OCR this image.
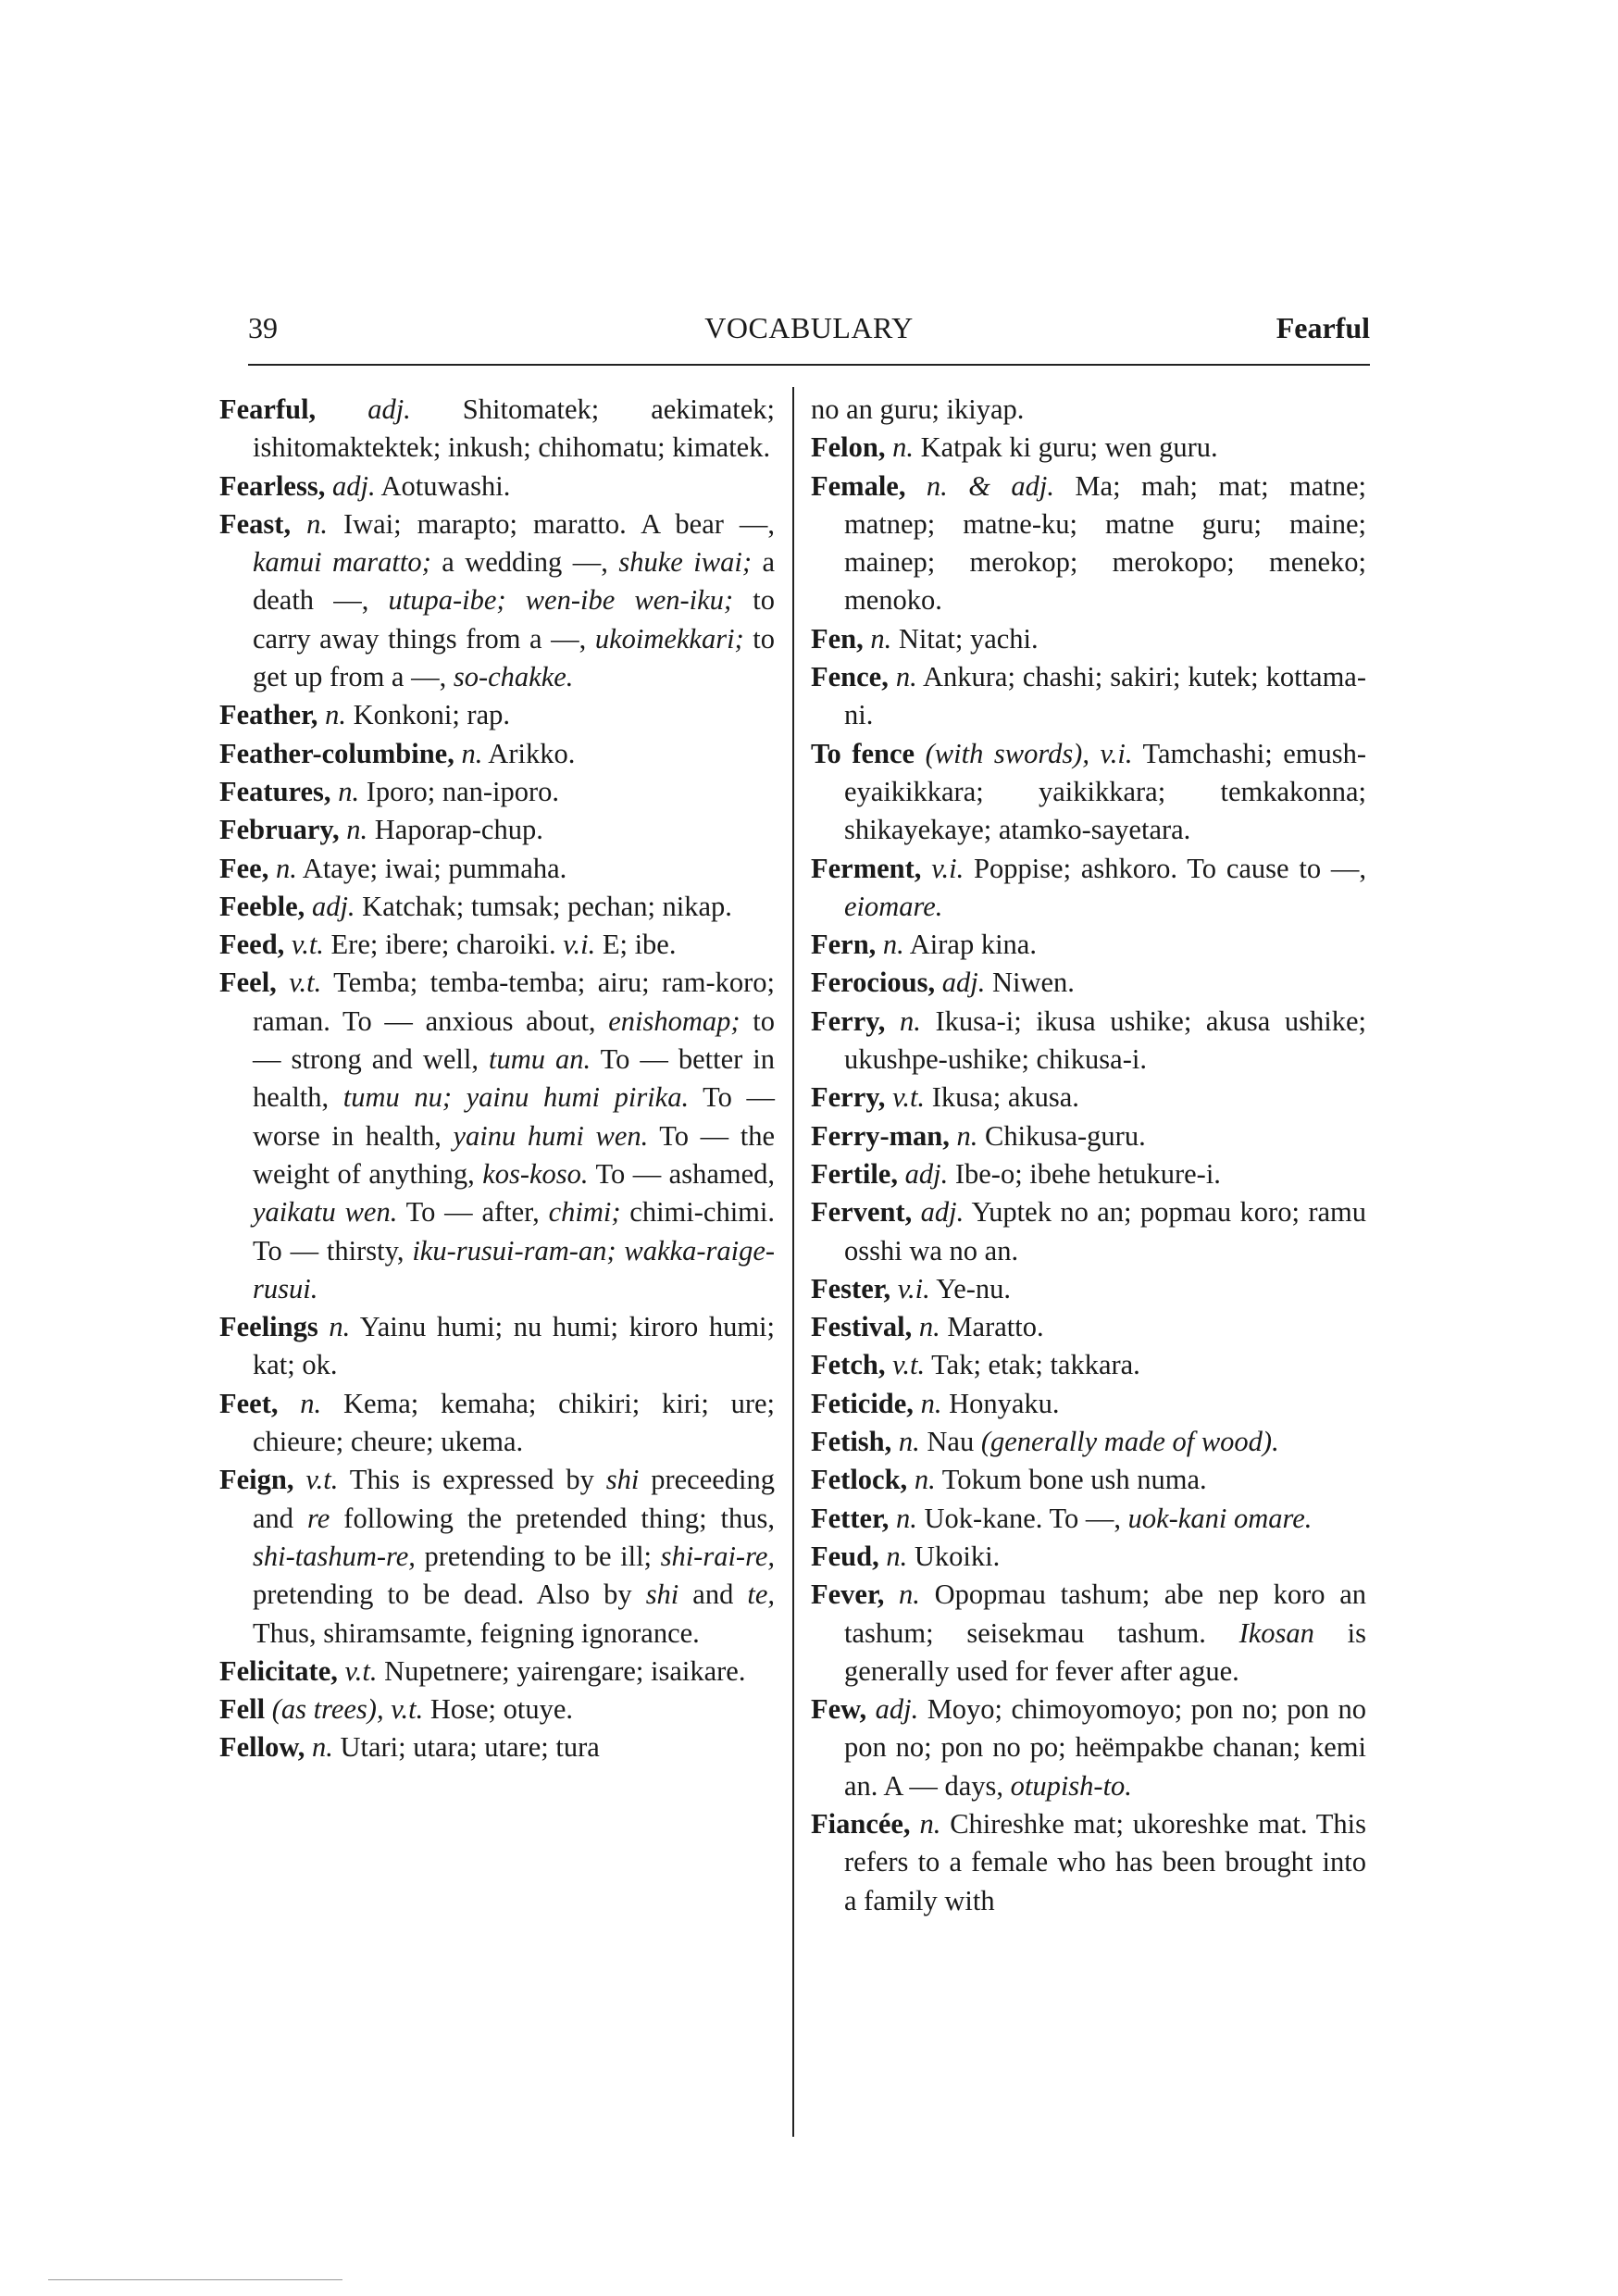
39	VOCABULARY	Fearful

Fearful, adj. Shitomatek; aekimatek; ishitomaktektek; inkush; chihomatu; kimatek.

Fearless, adj. Aotuwashi.

Feast, n. Iwai; marapto; maratto. A bear —, kamui maratto; a wedding —, shuke iwai; a death —, utupa-ibe; wen-ibe wen-iku; to carry away things from a —, ukoimekkari; to get up from a —, so-chakke.

Feather, n. Konkoni; rap.

Feather-columbine, n. Arikko.

Features, n. Iporo; nan-iporo.

February, n. Haporap-chup.

Fee, n. Ataye; iwai; pummaha.

Feeble, adj. Katchak; tumsak; pechan; nikap.

Feed, v.t. Ere; ibere; charoiki. v.i. E; ibe.

Feel, v.t. Temba; temba-temba; airu; ram-koro; raman. To — anxious about, enishomap; to — strong and well, tumu an. To — better in health, tumu nu; yainu humi pirika. To — worse in health, yainu humi wen. To — the weight of anything, kos-koso. To — ashamed, yaikatu wen. To — after, chimi; chimi-chimi. To — thirsty, iku-rusui-ram-an; wakka-raige-rusui.

Feelings n. Yainu humi; nu humi; kiroro humi; kat; ok.

Feet, n. Kema; kemaha; chikiri; kiri; ure; chieure; cheure; ukema.

Feign, v.t. This is expressed by shi preceeding and re following the pretended thing; thus, shi-tashum-re, pretending to be ill; shi-rai-re, pretending to be dead. Also by shi and te, Thus, shiramsamte, feigning ignorance.

Felicitate, v.t. Nupetnere; yairengare; isaikare.

Fell (as trees), v.t. Hose; otuye.

Fellow, n. Utari; utara; utare; tura

no an guru; ikiyap.

Felon, n. Katpak ki guru; wen guru.

Female, n. & adj. Ma; mah; mat; matne; matnep; matne-ku; matne guru; maine; mainep; merokop; merokopo; meneko; menoko.

Fen, n. Nitat; yachi.

Fence, n. Ankura; chashi; sakiri; kutek; kottama-ni.

To fence (with swords), v.i. Tamchashi; emush-eyaikikkara; yaikikkara; temkakonna; shikayekaye; atamko-sayetara.

Ferment, v.i. Poppise; ashkoro. To cause to —, eiomare.

Fern, n. Airap kina.

Ferocious, adj. Niwen.

Ferry, n. Ikusa-i; ikusa ushike; akusa ushike; ukushpe-ushike; chikusa-i.

Ferry, v.t. Ikusa; akusa.

Ferry-man, n. Chikusa-guru.

Fertile, adj. Ibe-o; ibehe hetukure-i.

Fervent, adj. Yuptek no an; popmau koro; ramu osshi wa no an.

Fester, v.i. Ye-nu.

Festival, n. Maratto.

Fetch, v.t. Tak; etak; takkara.

Feticide, n. Honyaku.

Fetish, n. Nau (generally made of wood).

Fetlock, n. Tokum bone ush numa.

Fetter, n. Uok-kane. To —, uok-kani omare.

Feud, n. Ukoiki.

Fever, n. Opopmau tashum; abe nep koro an tashum; seisekmau tashum. Ikosan is generally used for fever after ague.

Few, adj. Moyo; chimoyomoyo; pon no; pon no pon no; pon no po; heëmpakbe chanan; kemi an. A — days, otupish-to.

Fiancée, n. Chireshke mat; ukoreshke mat. This refers to a female who has been brought into a family with
